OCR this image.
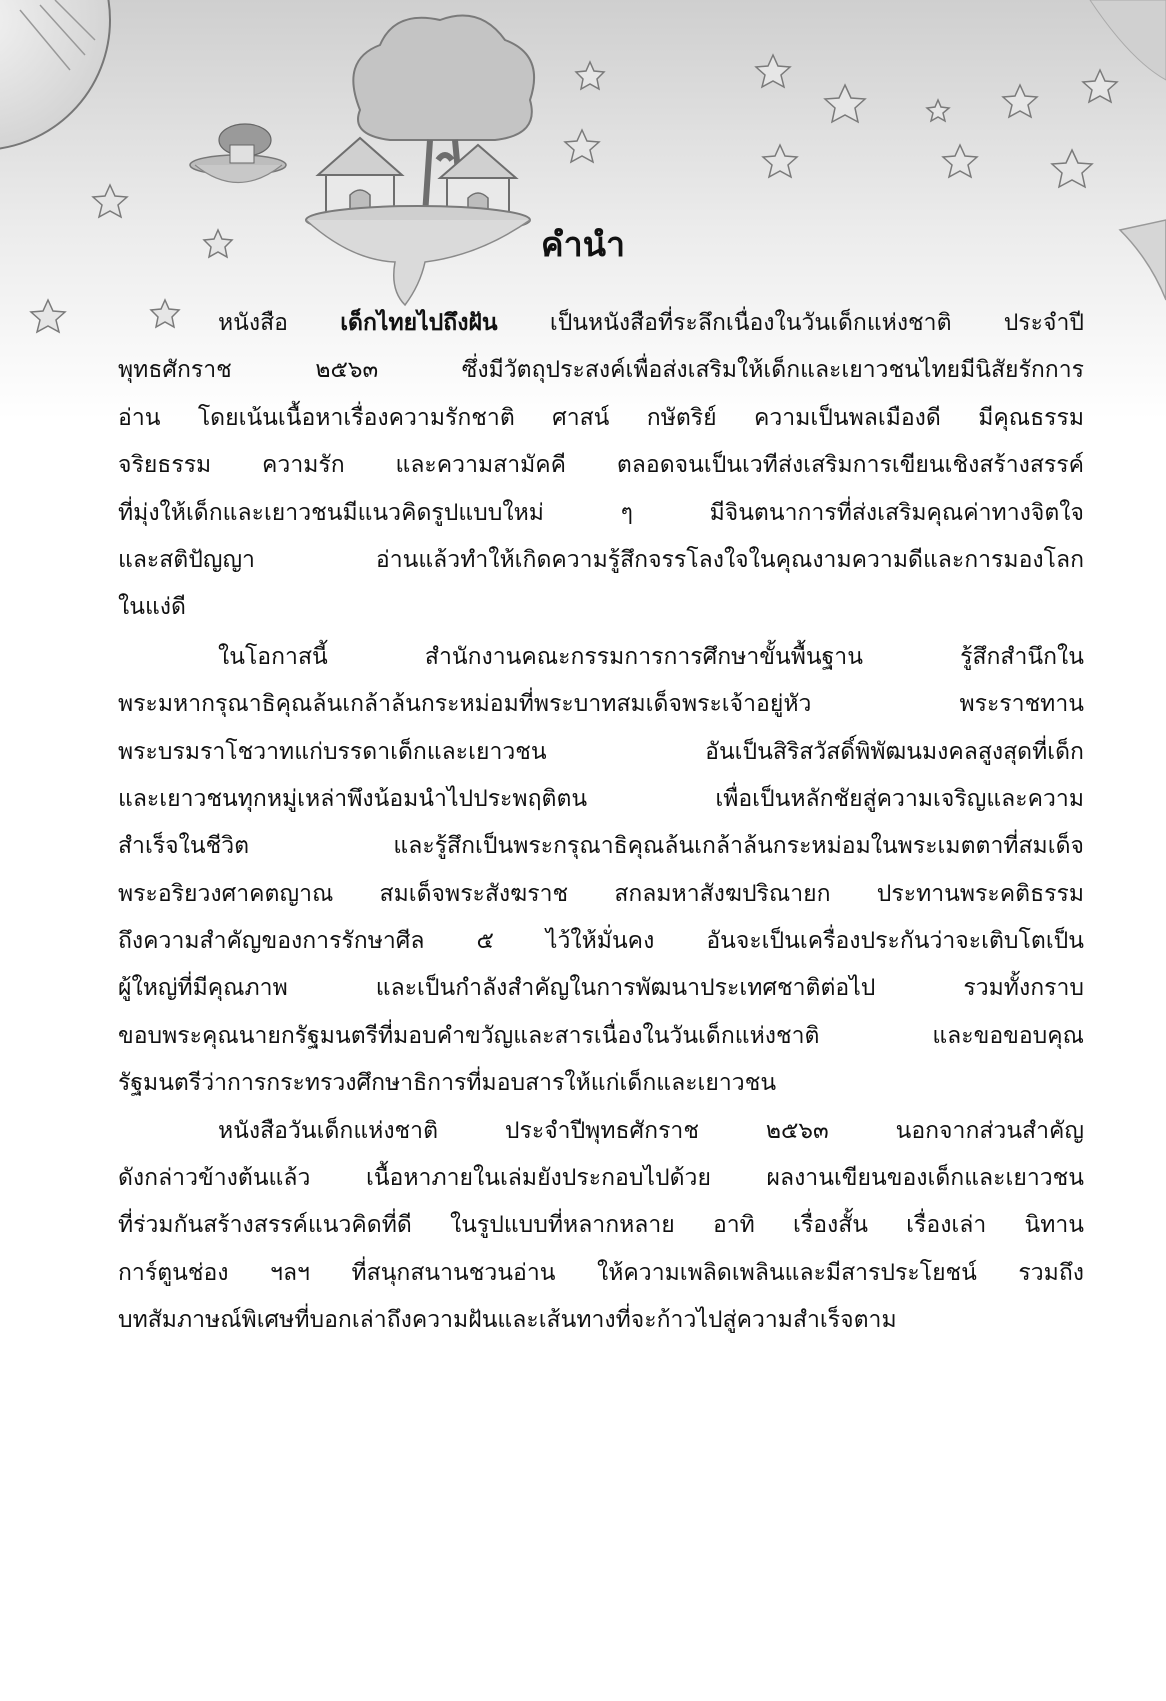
คำนำ
หนังสือ เด็กไทยไปถึงฝัน เป็นหนังสือที่ระลึกเนื่องในวันเด็กแห่งชาติ ประจำปี
พุทธศักราช ๒๕๖๓ ซึ่งมีวัตถุประสงค์เพื่อส่งเสริมให้เด็กและเยาวชนไทยมีนิสัยรักการ
อ่าน โดยเน้นเนื้อหาเรื่องความรักชาติ ศาสน์ กษัตริย์ ความเป็นพลเมืองดี มีคุณธรรม
จริยธรรม ความรัก และความสามัคคี ตลอดจนเป็นเวทีส่งเสริมการเขียนเชิงสร้างสรรค์
ที่มุ่งให้เด็กและเยาวชนมีแนวคิดรูปแบบใหม่ ๆ มีจินตนาการที่ส่งเสริมคุณค่าทางจิตใจ
และสติปัญญา อ่านแล้วทำให้เกิดความรู้สึกจรรโลงใจในคุณงามความดีและการมองโลก
ในแง่ดี
ในโอกาสนี้ สำนักงานคณะกรรมการการศึกษาขั้นพื้นฐาน รู้สึกสำนึกใน
พระมหากรุณาธิคุณล้นเกล้าล้นกระหม่อมที่พระบาทสมเด็จพระเจ้าอยู่หัว พระราชทาน
พระบรมราโชวาทแก่บรรดาเด็กและเยาวชน อันเป็นสิริสวัสดิ์พิพัฒนมงคลสูงสุดที่เด็ก
และเยาวชนทุกหมู่เหล่าพึงน้อมนำไปประพฤติตน เพื่อเป็นหลักชัยสู่ความเจริญและความ
สำเร็จในชีวิต และรู้สึกเป็นพระกรุณาธิคุณล้นเกล้าล้นกระหม่อมในพระเมตตาที่สมเด็จ
พระอริยวงศาคตญาณ สมเด็จพระสังฆราช สกลมหาสังฆปริณายก ประทานพระคติธรรม
ถึงความสำคัญของการรักษาศีล ๕ ไว้ให้มั่นคง อันจะเป็นเครื่องประกันว่าจะเติบโตเป็น
ผู้ใหญ่ที่มีคุณภาพ และเป็นกำลังสำคัญในการพัฒนาประเทศชาติต่อไป รวมทั้งกราบ
ขอบพระคุณนายกรัฐมนตรีที่มอบคำขวัญและสารเนื่องในวันเด็กแห่งชาติ และขอขอบคุณ
รัฐมนตรีว่าการกระทรวงศึกษาธิการที่มอบสารให้แก่เด็กและเยาวชน
หนังสือวันเด็กแห่งชาติ ประจำปีพุทธศักราช ๒๕๖๓ นอกจากส่วนสำคัญ
ดังกล่าวข้างต้นแล้ว เนื้อหาภายในเล่มยังประกอบไปด้วย ผลงานเขียนของเด็กและเยาวชน
ที่ร่วมกันสร้างสรรค์แนวคิดที่ดี ในรูปแบบที่หลากหลาย อาทิ เรื่องสั้น เรื่องเล่า นิทาน
การ์ตูนช่อง ฯลฯ ที่สนุกสนานชวนอ่าน ให้ความเพลิดเพลินและมีสารประโยชน์ รวมถึง
บทสัมภาษณ์พิเศษที่บอกเล่าถึงความฝันและเส้นทางที่จะก้าวไปสู่ความสำเร็จตาม
